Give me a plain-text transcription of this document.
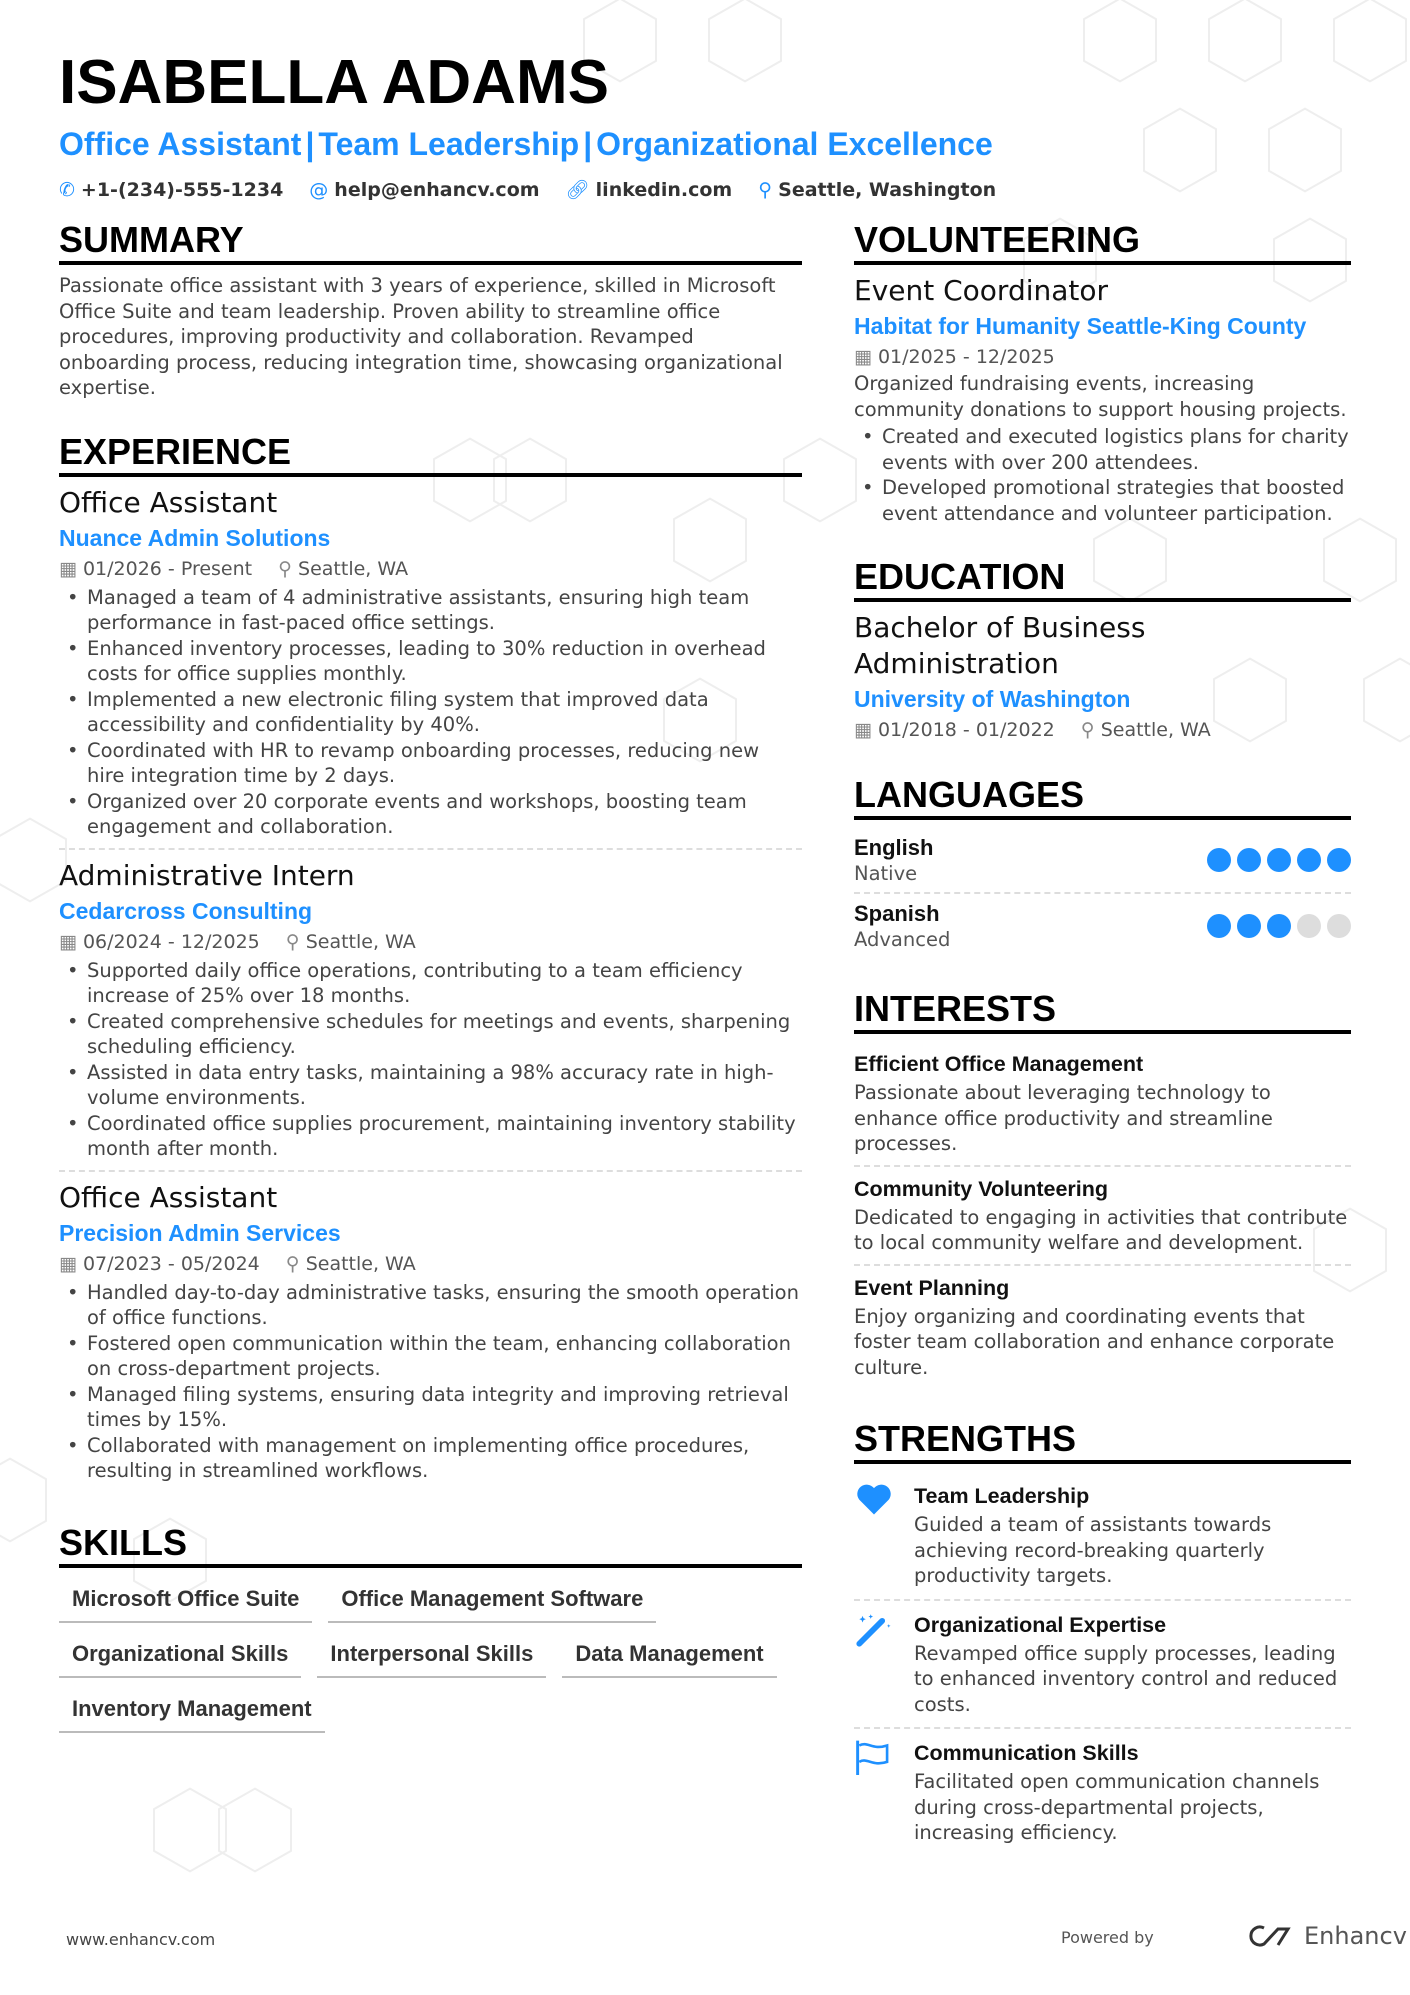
ISABELLA ADAMS
Office Assistant | Team Leadership | Organizational Excellence
✆ +1-(234)-555-1234 @ help@enhancv.com 🔗︎ linkedin.com ⚲ Seattle, Washington
SUMMARY

Passionate office assistant with 3 years of experience, skilled in Microsoft Office Suite and team leadership. Proven ability to streamline office procedures, improving productivity and collaboration. Revamped onboarding process, reducing integration time, showcasing organizational expertise.

EXPERIENCE
Office Assistant
Nuance Admin Solutions
▦ 01/2026 - Present ⚲ Seattle, WA
• Managed a team of 4 administrative assistants, ensuring high team performance in fast-paced office settings.
• Enhanced inventory processes, leading to 30% reduction in overhead costs for office supplies monthly.
• Implemented a new electronic filing system that improved data accessibility and confidentiality by 40%.
• Coordinated with HR to revamp onboarding processes, reducing new hire integration time by 2 days.
• Organized over 20 corporate events and workshops, boosting team engagement and collaboration.
Administrative Intern
Cedarcross Consulting
▦ 06/2024 - 12/2025 ⚲ Seattle, WA
• Supported daily office operations, contributing to a team efficiency increase of 25% over 18 months.
• Created comprehensive schedules for meetings and events, sharpening scheduling efficiency.
• Assisted in data entry tasks, maintaining a 98% accuracy rate in high-volume environments.
• Coordinated office supplies procurement, maintaining inventory stability month after month.
Office Assistant
Precision Admin Services
▦ 07/2023 - 05/2024 ⚲ Seattle, WA
• Handled day-to-day administrative tasks, ensuring the smooth operation of office functions.
• Fostered open communication within the team, enhancing collaboration on cross-department projects.
• Managed filing systems, ensuring data integrity and improving retrieval times by 15%.
• Collaborated with management on implementing office procedures, resulting in streamlined workflows.
SKILLS
Microsoft Office Suite	Office Management Software
Organizational Skills	Interpersonal Skills	Data Management
Inventory Management
VOLUNTEERING
Event Coordinator
Habitat for Humanity Seattle-King County
▦ 01/2025 - 12/2025

Organized fundraising events, increasing community donations to support housing projects.

• Created and executed logistics plans for charity events with over 200 attendees.
• Developed promotional strategies that boosted event attendance and volunteer participation.
EDUCATION
Bachelor of Business Administration
University of Washington
▦ 01/2018 - 01/2022 ⚲ Seattle, WA
LANGUAGES
English
Native
Spanish
Advanced
INTERESTS
Efficient Office Management

Passionate about leveraging technology to enhance office productivity and streamline processes.

Community Volunteering

Dedicated to engaging in activities that contribute to local community welfare and development.

Event Planning

Enjoy organizing and coordinating events that foster team collaboration and enhance corporate culture.

STRENGTHS
Team Leadership

Guided a team of assistants towards achieving record-breaking quarterly productivity targets.

Organizational Expertise

Revamped office supply processes, leading to enhanced inventory control and reduced costs.

Communication Skills

Facilitated open communication channels during cross-departmental projects, increasing efficiency.

www.enhancv.com	Powered by	Enhancv
